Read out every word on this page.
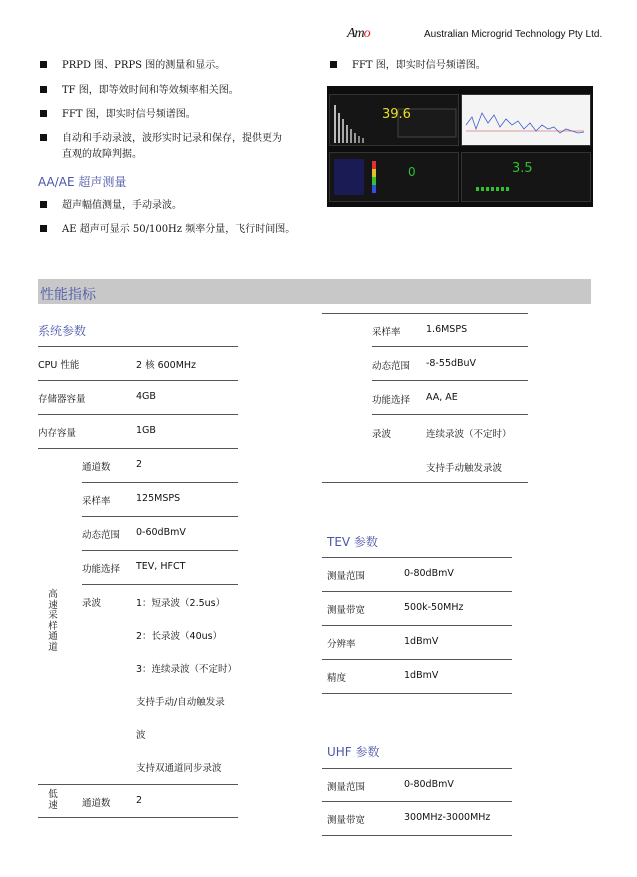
Amo	Australian Microgrid Technology Pty Ltd.
PRPD 图、PRPS 图的测量和显示。
TF 图，即等效时间和等效频率相关图。
FFT 图，即实时信号频谱图。
自动和手动录波，波形实时记录和保存，提供更为
直观的故障判据。
AA/AE 超声测量
超声幅值测量，手动录波。
AE 超声可显示 50/100Hz 频率分量，飞行时间图。
FFT 图，即实时信号频谱图。
39.6
0	3.5
性能指标
系统参数
CPU 性能	2 核 600MHz
存储器容量	4GB
内存容量	1GB
高速采样通道
通道数	2
采样率	125MSPS
动态范围 0-60dBmV
功能选择 TEV, HFCT
录波	1：短录波（2.5us）
2：长录波（40us）
3：连续录波（不定时）
支持手动/自动触发录
波
支持双通道同步录波
低速	通道数	2
采样率	1.6MSPS
动态范围 -8-55dBuV
功能选择 AA, AE
录波	连续录波（不定时）
支持手动触发录波
TEV 参数
测量范围	0-80dBmV
测量带宽	500k-50MHz
分辨率	1dBmV
精度	1dBmV
UHF 参数
测量范围	0-80dBmV
测量带宽	300MHz-3000MHz
